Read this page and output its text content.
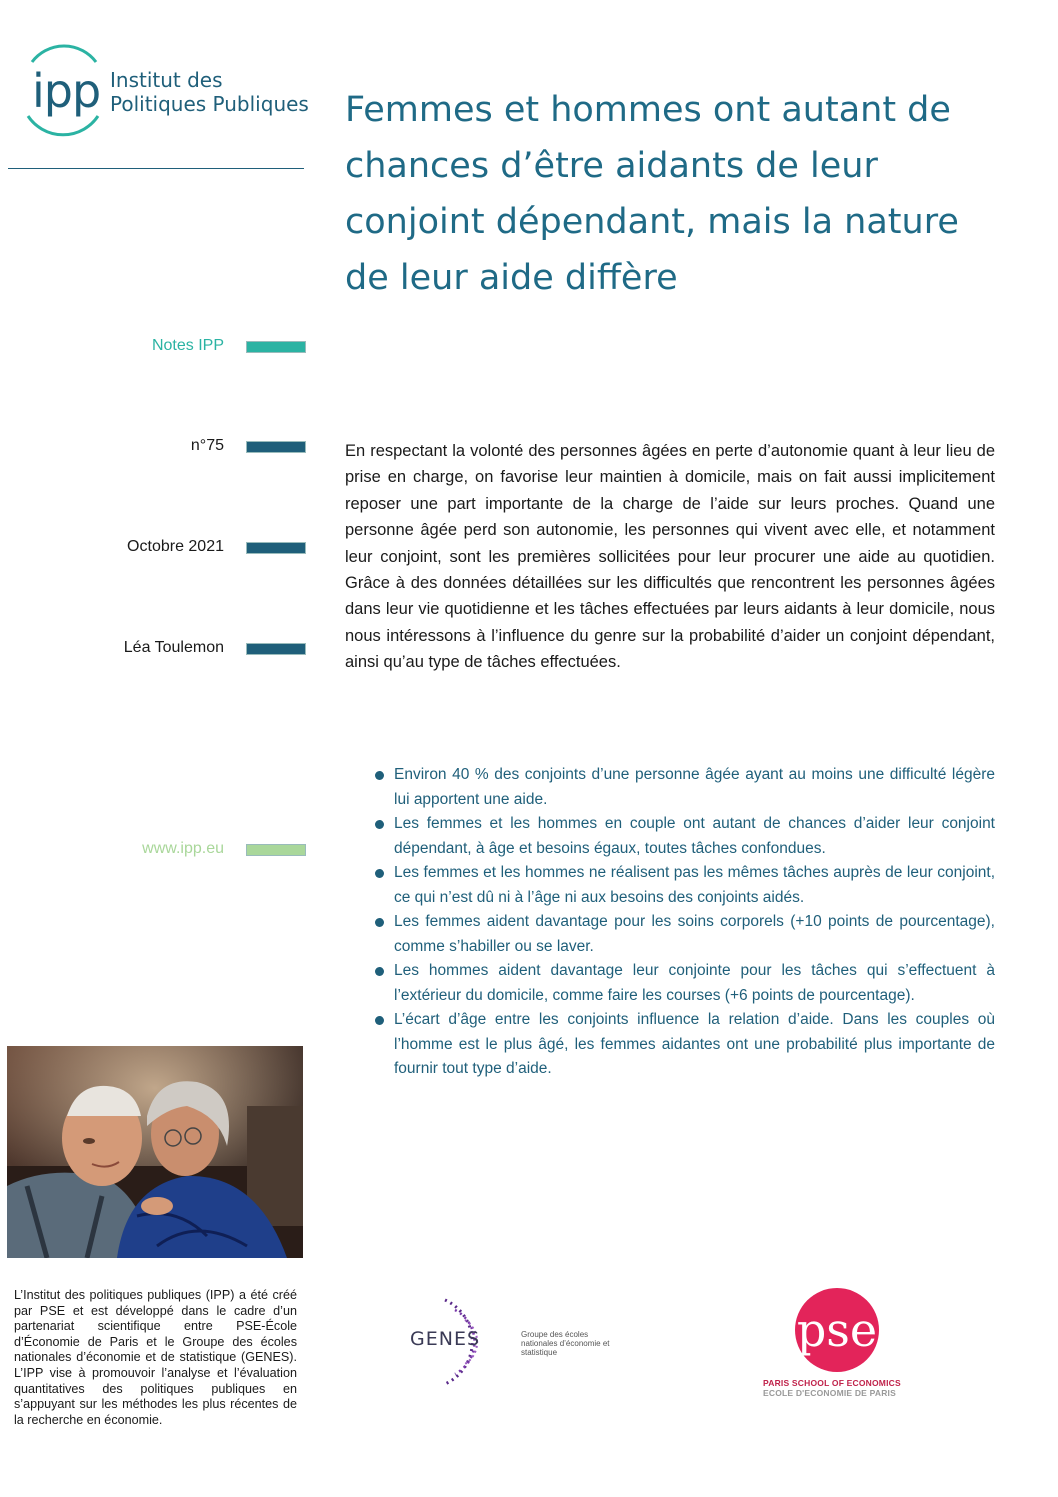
ipp Institut des
Politiques Publiques Femmes et hommes ont autant de chances d’être aidants de leur conjoint dépendant, mais la nature de leur aide diffère
Notes IPP
n°75
Octobre 2021
Léa Toulemon
www.ipp.eu

En respectant la volonté des personnes âgées en perte d’autonomie quant à leur lieu de prise en charge, on favorise leur maintien à domicile, mais on fait aussi implicitement reposer une part importante de la charge de l’aide sur leurs proches. Quand une personne âgée perd son autonomie, les personnes qui vivent avec elle, et notamment leur conjoint, sont les premières sollicitées pour leur procurer une aide au quotidien. Grâce à des données détaillées sur les difficultés que rencontrent les personnes âgées dans leur vie quotidienne et les tâches effectuées par leurs aidants à leur domicile, nous nous intéressons à l’influence du genre sur la probabilité d’aider un conjoint dépendant, ainsi qu’au type de tâches effectuées.

Environ 40 % des conjoints d’une personne âgée ayant au moins une difficulté légère lui apportent une aide.
Les femmes et les hommes en couple ont autant de chances d’aider leur conjoint dépendant, à âge et besoins égaux, toutes tâches confondues.
Les femmes et les hommes ne réalisent pas les mêmes tâches auprès de leur conjoint, ce qui n’est dû ni à l’âge ni aux besoins des conjoints aidés.
Les femmes aident davantage pour les soins corporels (+10 points de pourcentage), comme s’habiller ou se laver.
Les hommes aident davantage leur conjointe pour les tâches qui s’effectuent à l’extérieur du domicile, comme faire les courses (+6 points de pourcentage).
L’écart d’âge entre les conjoints influence la relation d’aide. Dans les couples où l’homme est le plus âgé, les femmes aidantes ont une probabilité plus importante de fournir tout type d’aide.

L’Institut des politiques publiques (IPP) a été créé par PSE et est développé dans le cadre d’un partenariat scientifique entre PSE-École d’Économie de Paris et le Groupe des écoles nationales d’économie et de statistique (GENES). L’IPP vise à promouvoir l’analyse et l’évaluation quantitatives des politiques publiques en s’appuyant sur les méthodes les plus récentes de la recherche en économie.

GENES	Groupe des écoles nationales d’économie et statistique	pse
PARIS SCHOOL OF ECONOMICS
ECOLE D'ECONOMIE DE PARIS
